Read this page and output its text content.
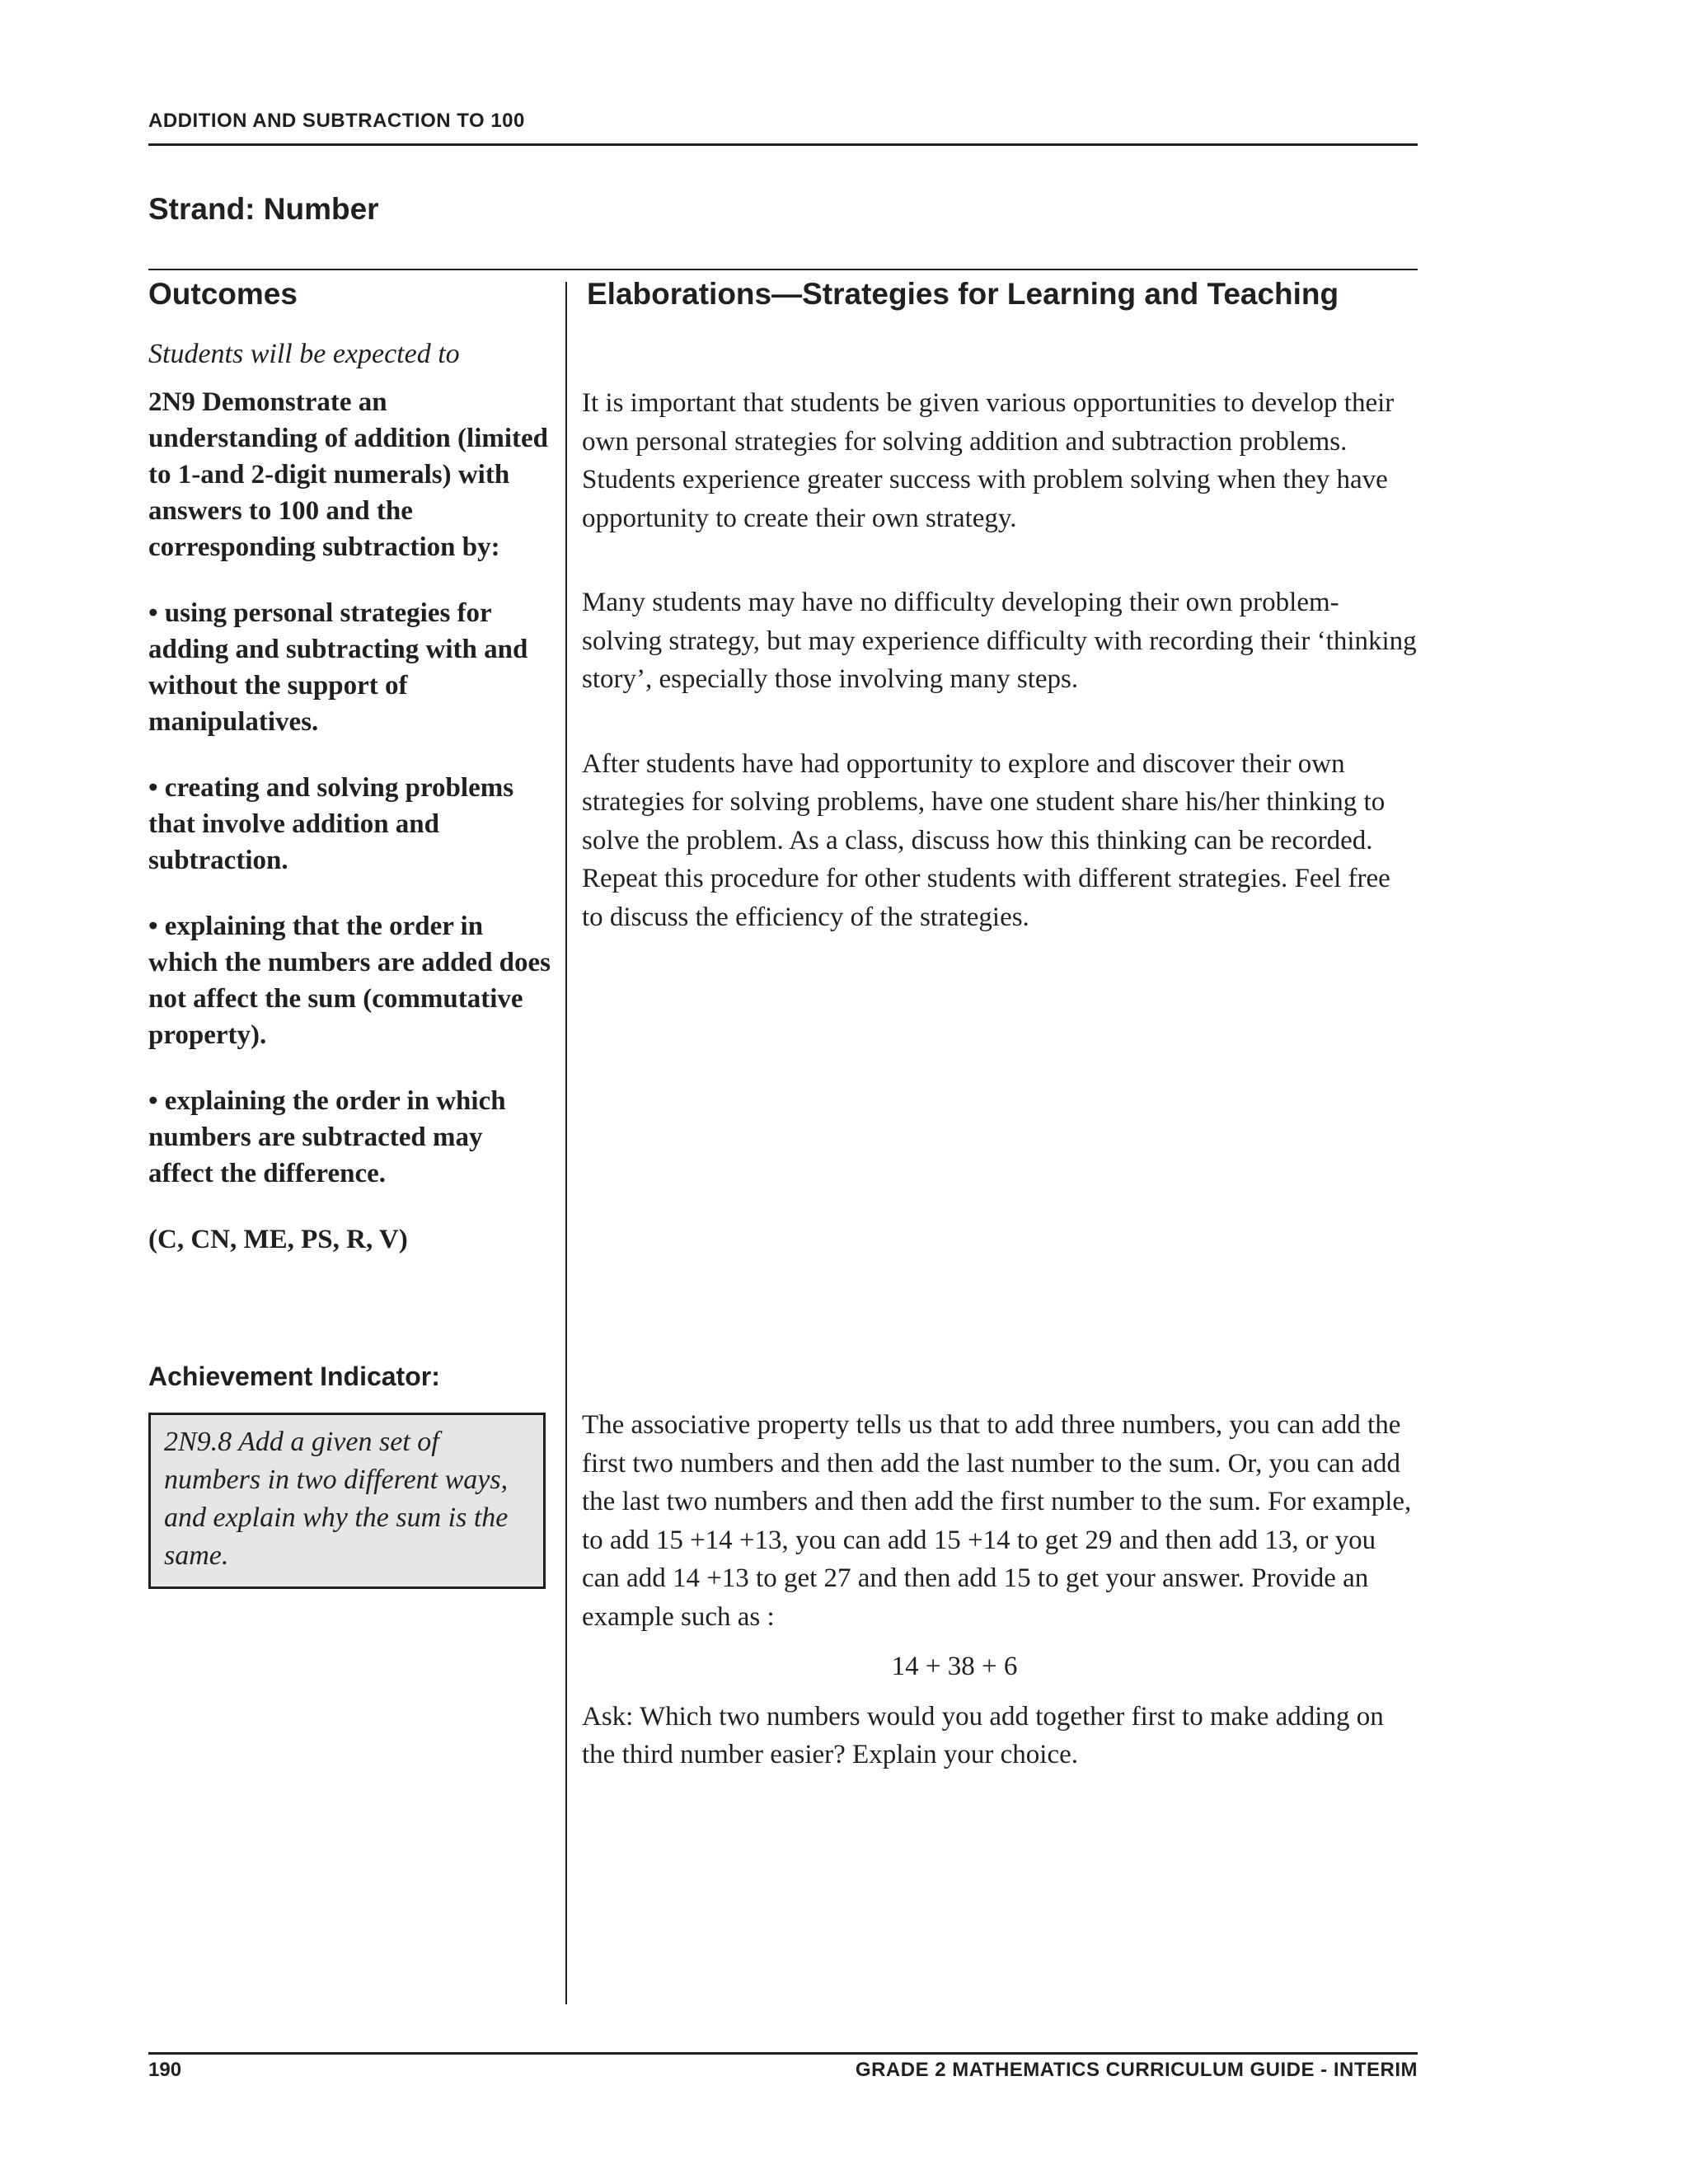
ADDITION AND SUBTRACTION TO 100
Strand: Number
Outcomes	Elaborations—Strategies for Learning and Teaching

Students will be expected to

2N9 Demonstrate an understanding of addition (limited to 1-and 2-digit numerals) with answers to 100 and the corresponding subtraction by:

• using personal strategies for adding and subtracting with and without the support of manipulatives.

• creating and solving problems that involve addition and subtraction.

• explaining that the order in which the numbers are added does not affect the sum (commutative property).

• explaining the order in which numbers are subtracted may affect the difference.

(C, CN, ME, PS, R, V)

Achievement Indicator:
2N9.8 Add a given set of numbers in two different ways, and explain why the sum is the same.

It is important that students be given various opportunities to develop their own personal strategies for solving addition and subtraction problems. Students experience greater success with problem solving when they have opportunity to create their own strategy.

Many students may have no difficulty developing their own problem-solving strategy, but may experience difficulty with recording their ‘thinking story’, especially those involving many steps.

After students have had opportunity to explore and discover their own strategies for solving problems, have one student share his/her thinking to solve the problem. As a class, discuss how this thinking can be recorded. Repeat this procedure for other students with different strategies. Feel free to discuss the efficiency of the strategies.

The associative property tells us that to add three numbers, you can add the first two numbers and then add the last number to the sum. Or, you can add the last two numbers and then add the first number to the sum. For example, to add 15 +14 +13, you can add 15 +14 to get 29 and then add 13, or you can add 14 +13 to get 27 and then add 15 to get your answer. Provide an example such as :

14 + 38 + 6

Ask: Which two numbers would you add together first to make adding on the third number easier? Explain your choice.

190	GRADE 2 MATHEMATICS CURRICULUM GUIDE - INTERIM
